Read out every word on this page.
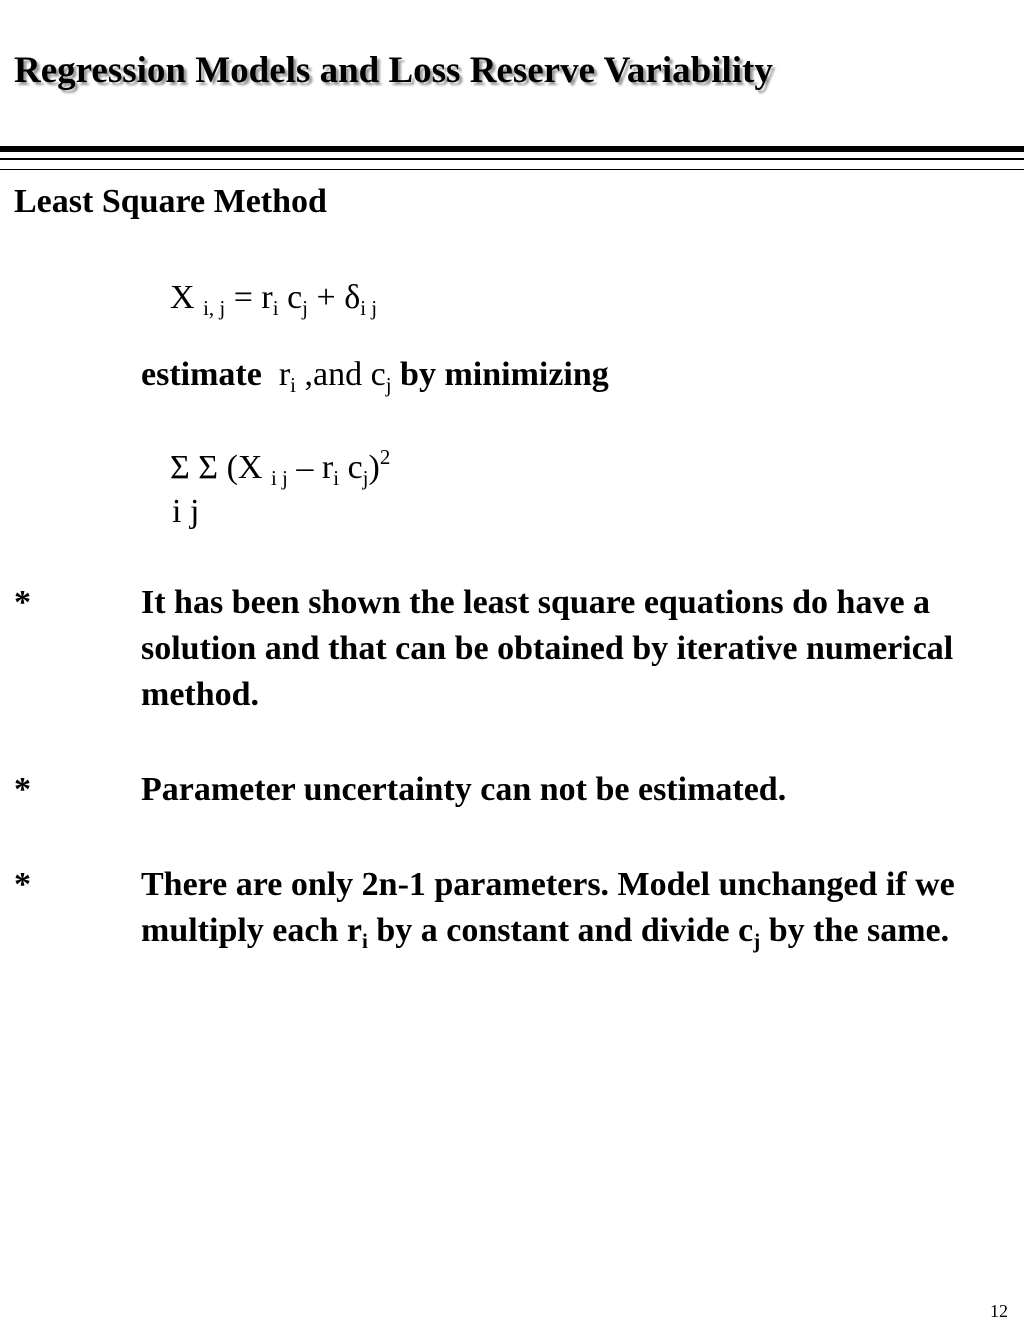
Regression Models and Loss Reserve Variability
Least Square Method
X $_{i, j} = r_i$ $c_j + \delta_{i j}$
estimate $r_i$ ,and $c_j$ by minimizing
Σ Σ (X $_{i j} - r_i$ $c_j)^2$
i j
*	It has been shown the least square equations do have a solution and that can be obtained by iterative numerical method.
*	Parameter uncertainty can not be estimated.
*	There are only 2n-1 parameters. Model unchanged if we multiply each $r_i$ by a constant and divide $c_j$ by the same.
12
